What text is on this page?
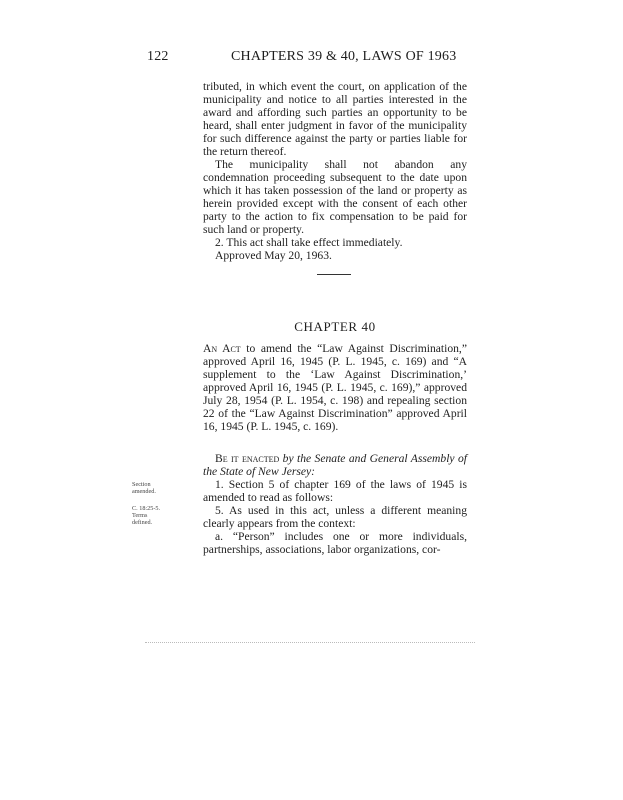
122	CHAPTERS 39 & 40, LAWS OF 1963

tributed, in which event the court, on application of the municipality and notice to all parties interested in the award and affording such parties an opportunity to be heard, shall enter judgment in favor of the municipality for such difference against the party or parties liable for the return thereof.

The municipality shall not abandon any condemnation proceeding subsequent to the date upon which it has taken possession of the land or property as herein provided except with the consent of each other party to the action to fix compensation to be paid for such land or property.

2. This act shall take effect immediately.

Approved May 20, 1963.

CHAPTER 40

An Act to amend the “Law Against Discrimination,” approved April 16, 1945 (P. L. 1945, c. 169) and “A supplement to the ‘Law Against Discrimination,’ approved April 16, 1945 (P. L. 1945, c. 169),” approved July 28, 1954 (P. L. 1954, c. 198) and repealing section 22 of the “Law Against Discrimination” approved April 16, 1945 (P. L. 1945, c. 169).

Be it enacted by the Senate and General Assembly of the State of New Jersey:

1. Section 5 of chapter 169 of the laws of 1945 is amended to read as follows:

5. As used in this act, unless a different meaning clearly appears from the context:

a. “Person” includes one or more individuals, partnerships, associations, labor organizations, cor-

Section
amended.
C. 18:25-5.
Terms
defined.
